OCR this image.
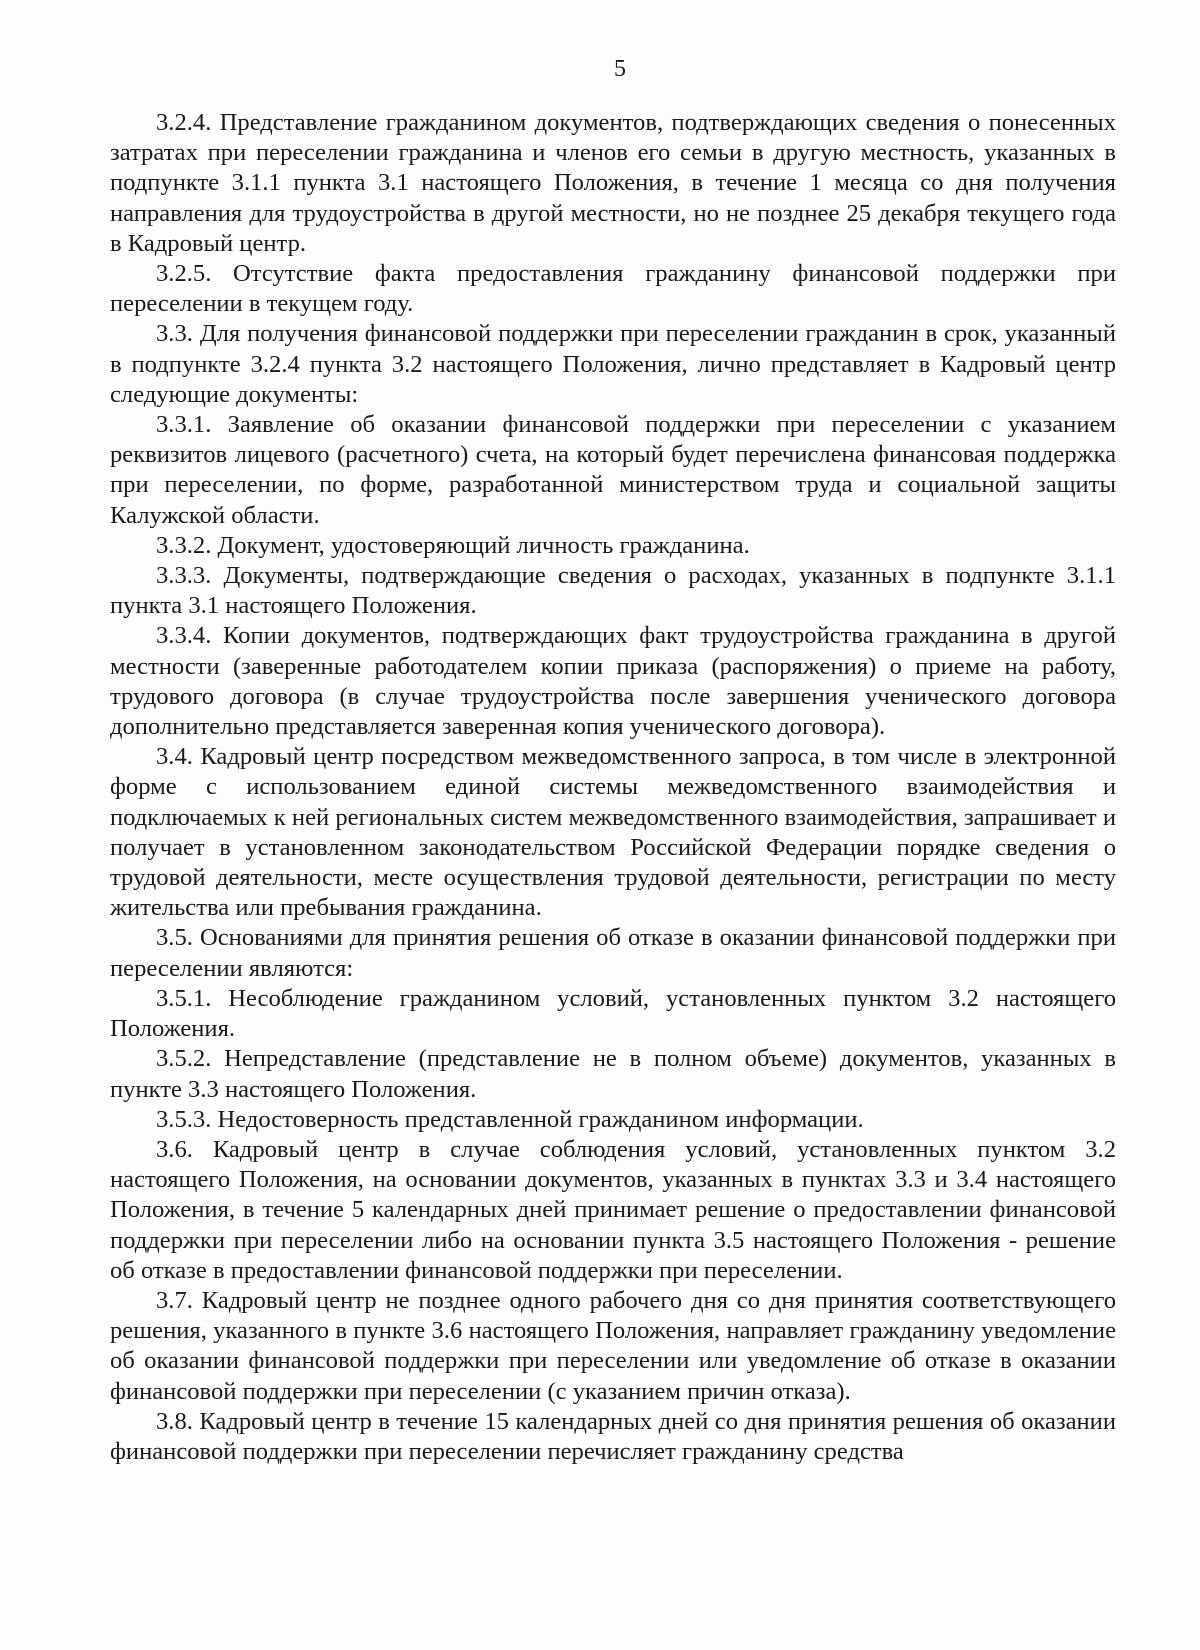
5

3.2.4. Представление гражданином документов, подтверждающих сведения о понесенных затратах при переселении гражданина и членов его семьи в другую местность, указанных в подпункте 3.1.1 пункта 3.1 настоящего Положения, в течение 1 месяца со дня получения направления для трудоустройства в другой местности, но не позднее 25 декабря текущего года в Кадровый центр.

3.2.5. Отсутствие факта предоставления гражданину финансовой поддержки при переселении в текущем году.

3.3. Для получения финансовой поддержки при переселении гражданин в срок, указанный в подпункте 3.2.4 пункта 3.2 настоящего Положения, лично представляет в Кадровый центр следующие документы:

3.3.1. Заявление об оказании финансовой поддержки при переселении с указанием реквизитов лицевого (расчетного) счета, на который будет перечислена финансовая поддержка при переселении, по форме, разработанной министерством труда и социальной защиты Калужской области.

3.3.2. Документ, удостоверяющий личность гражданина.

3.3.3. Документы, подтверждающие сведения о расходах, указанных в подпункте 3.1.1 пункта 3.1 настоящего Положения.

3.3.4. Копии документов, подтверждающих факт трудоустройства гражданина в другой местности (заверенные работодателем копии приказа (распоряжения) о приеме на работу, трудового договора (в случае трудоустройства после завершения ученического договора дополнительно представляется заверенная копия ученического договора).

3.4. Кадровый центр посредством межведомственного запроса, в том числе в электронной форме с использованием единой системы межведомственного взаимодействия и подключаемых к ней региональных систем межведомственного взаимодействия, запрашивает и получает в установленном законодательством Российской Федерации порядке сведения о трудовой деятельности, месте осуществления трудовой деятельности, регистрации по месту жительства или пребывания гражданина.

3.5. Основаниями для принятия решения об отказе в оказании финансовой поддержки при переселении являются:

3.5.1. Несоблюдение гражданином условий, установленных пунктом 3.2 настоящего Положения.

3.5.2. Непредставление (представление не в полном объеме) документов, указанных в пункте 3.3 настоящего Положения.

3.5.3. Недостоверность представленной гражданином информации.

3.6. Кадровый центр в случае соблюдения условий, установленных пунктом 3.2 настоящего Положения, на основании документов, указанных в пунктах 3.3 и 3.4 настоящего Положения, в течение 5 календарных дней принимает решение о предоставлении финансовой поддержки при переселении либо на основании пункта 3.5 настоящего Положения - решение об отказе в предоставлении финансовой поддержки при переселении.

3.7. Кадровый центр не позднее одного рабочего дня со дня принятия соответствующего решения, указанного в пункте 3.6 настоящего Положения, направляет гражданину уведомление об оказании финансовой поддержки при переселении или уведомление об отказе в оказании финансовой поддержки при переселении (с указанием причин отказа).

3.8. Кадровый центр в течение 15 календарных дней со дня принятия решения об оказании финансовой поддержки при переселении перечисляет гражданину средства
